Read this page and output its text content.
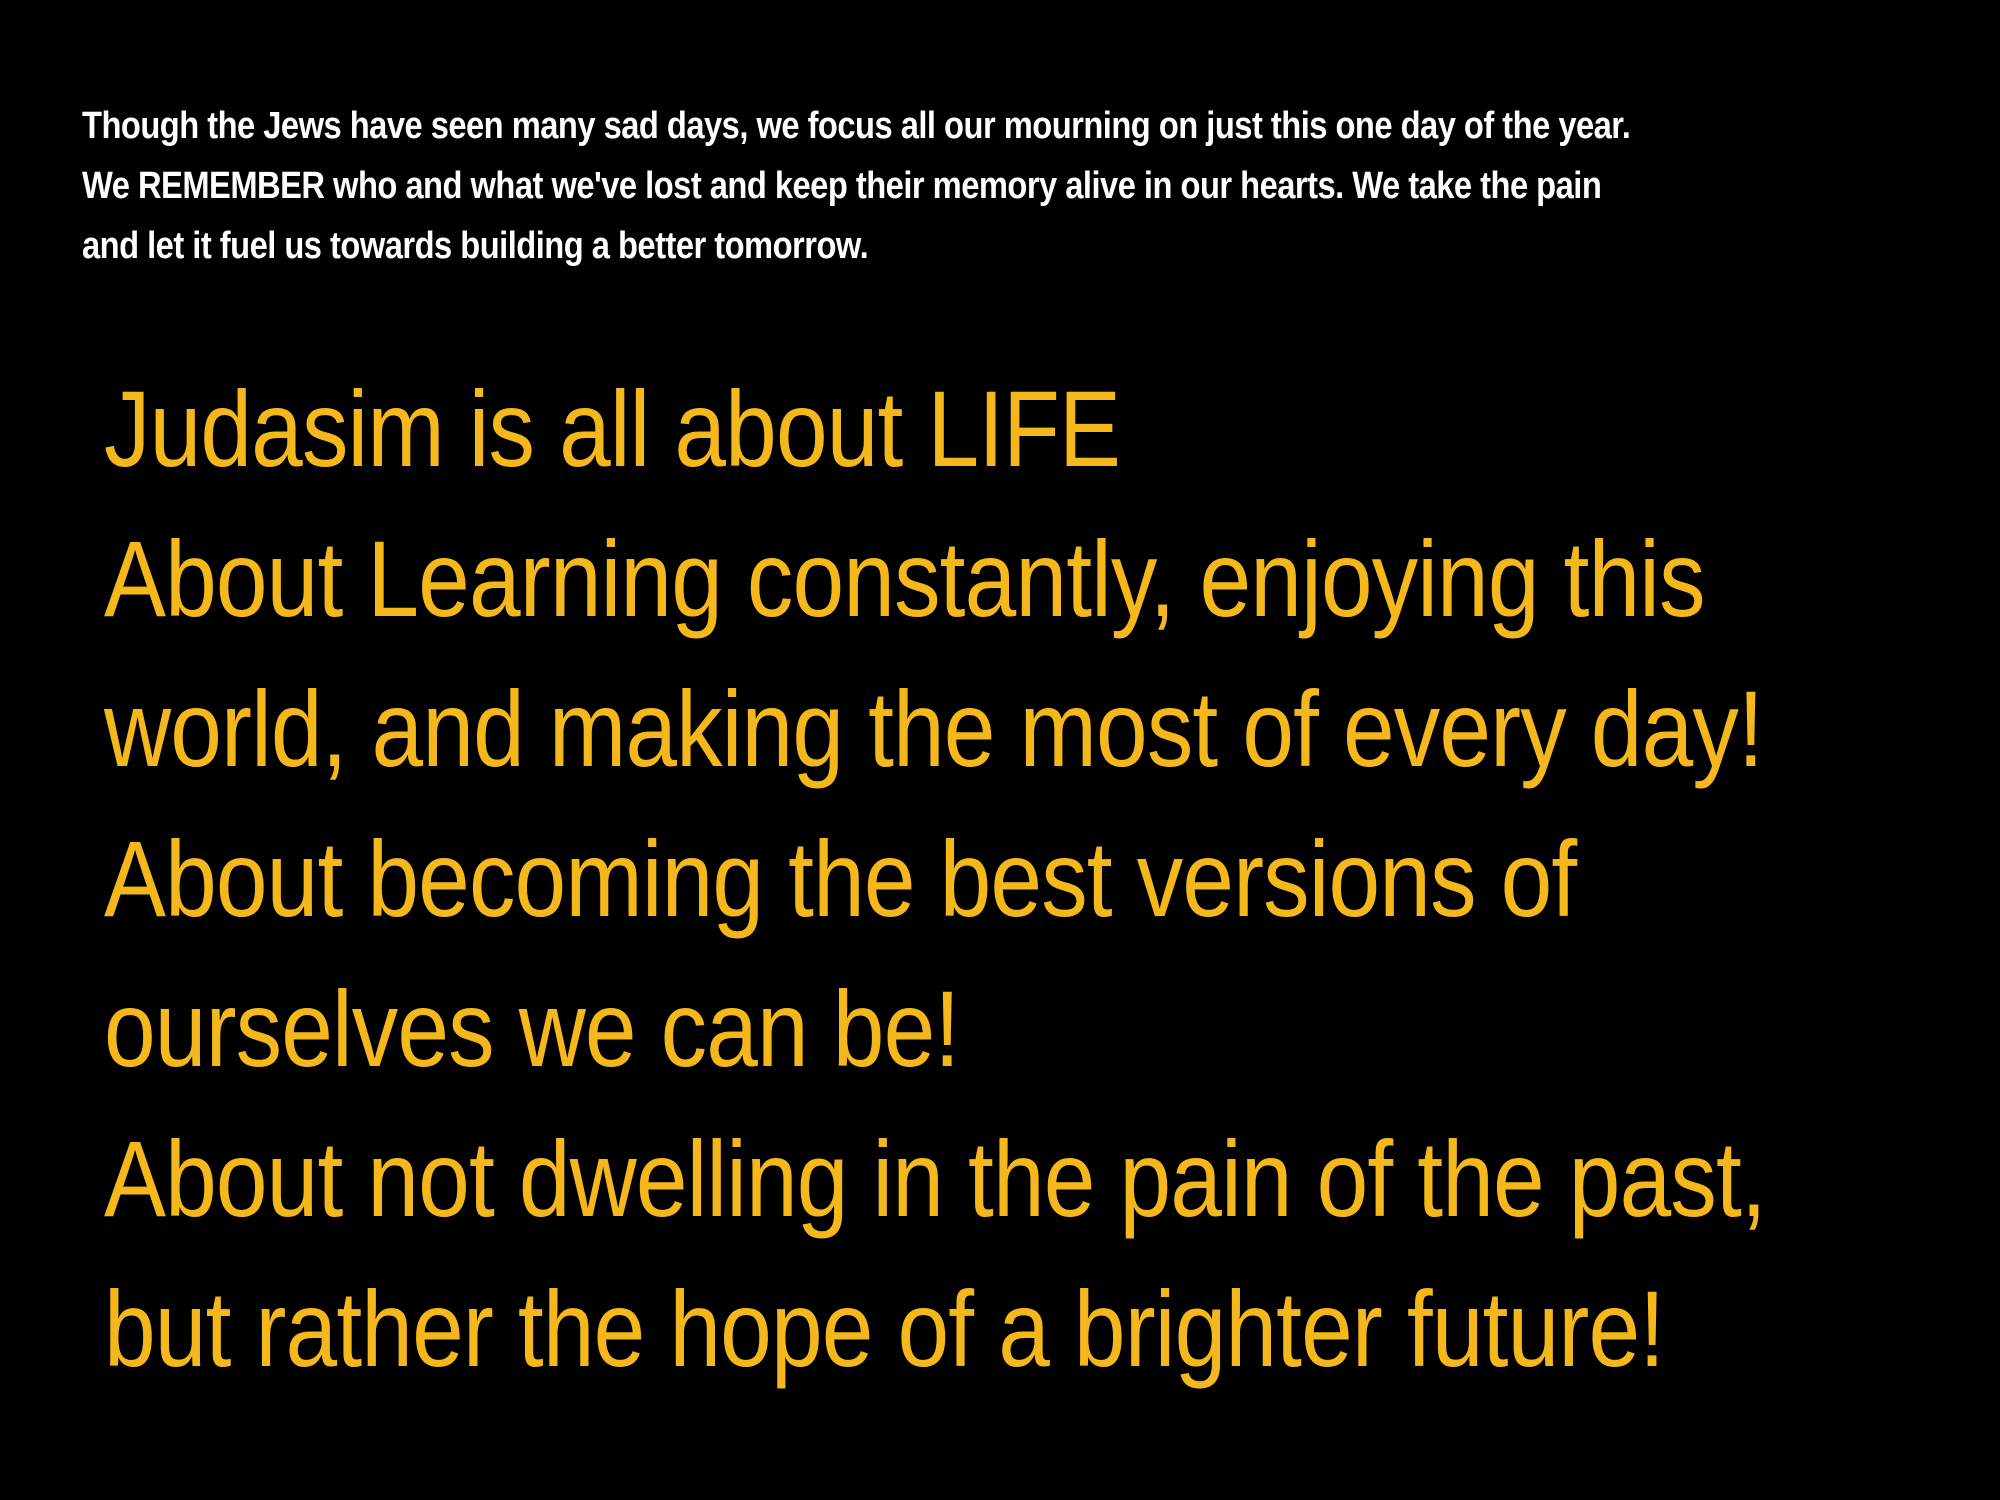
Though the Jews have seen many sad days, we focus all our mourning on just this one day of the year.
We REMEMBER who and what we've lost and keep their memory alive in our hearts. We take the pain
and let it fuel us towards building a better tomorrow.

Judasim is all about LIFE
About Learning constantly, enjoying this
world, and making the most of every day!
About becoming the best versions of
ourselves we can be!
About not dwelling in the pain of the past,
but rather the hope of a brighter future!
